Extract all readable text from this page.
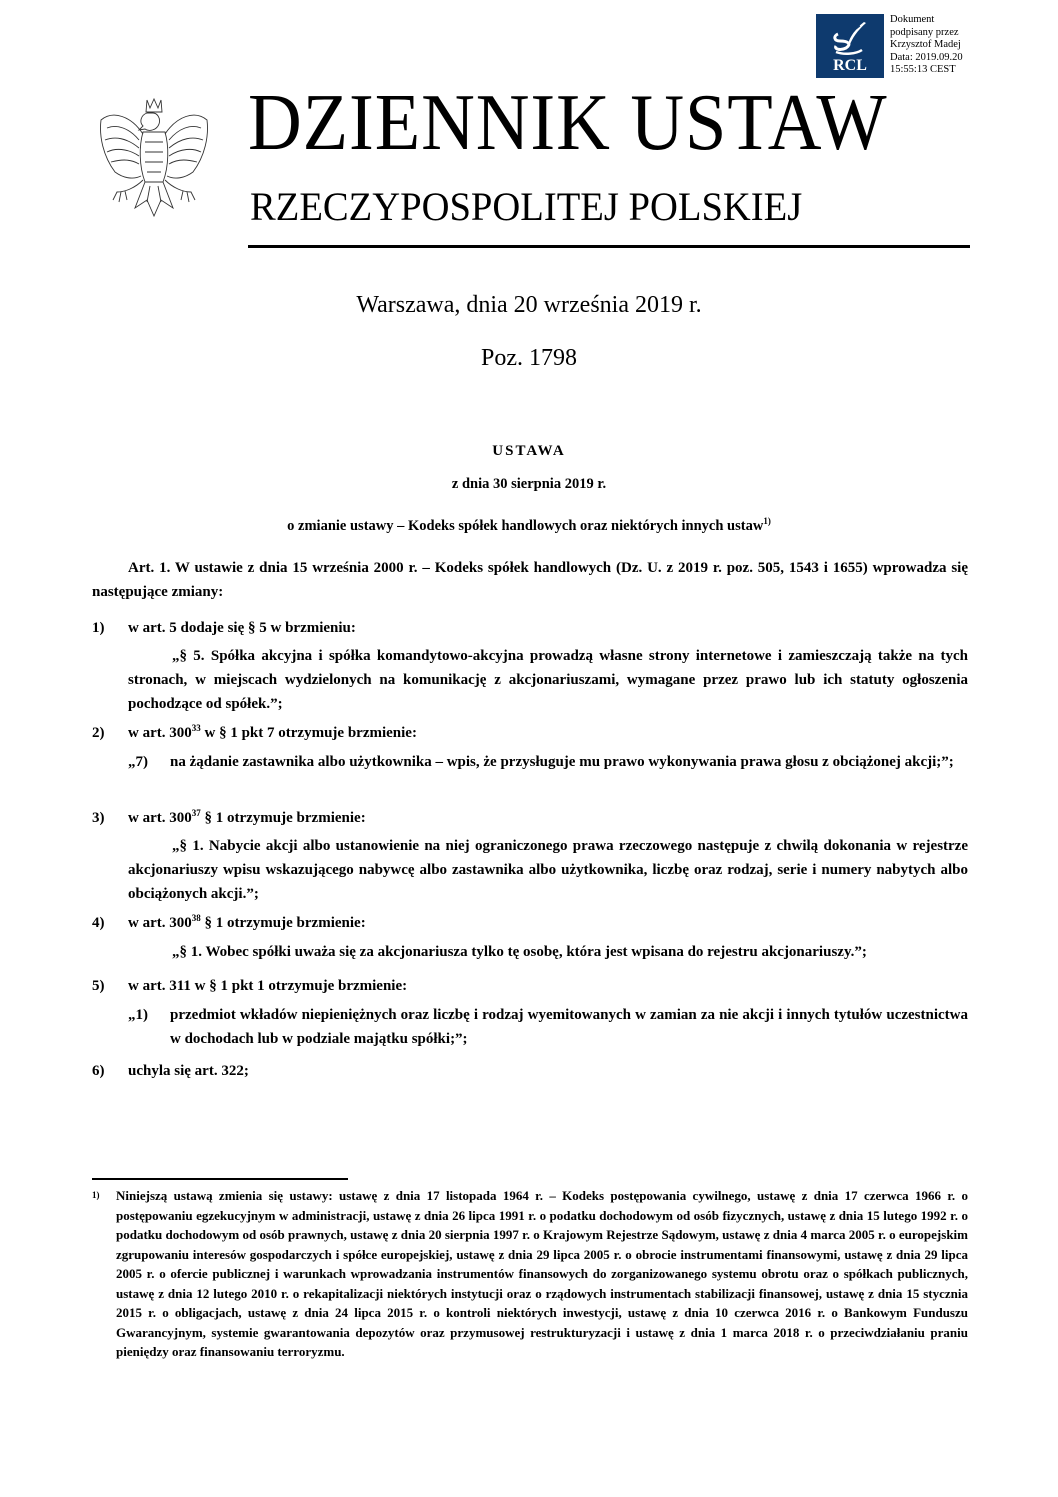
RCL
Dokument
podpisany przez
Krzysztof Madej
Data: 2019.09.20
15:55:13 CEST
DZIENNIK USTAW
RZECZYPOSPOLITEJ POLSKIEJ
Warszawa, dnia 20 września 2019 r.
Poz. 1798
USTAWA
z dnia 30 sierpnia 2019 r.
o zmianie ustawy – Kodeks spółek handlowych oraz niektórych innych ustaw$^{1)}$
Art. 1. W ustawie z dnia 15 września 2000 r. – Kodeks spółek handlowych (Dz. U. z 2019 r. poz. 505, 1543 i 1655) wprowadza się następujące zmiany:
1) w art. 5 dodaje się § 5 w brzmieniu:
„§ 5. Spółka akcyjna i spółka komandytowo-akcyjna prowadzą własne strony internetowe i zamieszczają także na tych stronach, w miejscach wydzielonych na komunikację z akcjonariuszami, wymagane przez prawo lub ich statuty ogłoszenia pochodzące od spółek.”;
2) w art. $300^{33}$ w § 1 pkt 7 otrzymuje brzmienie:
„7) na żądanie zastawnika albo użytkownika – wpis, że przysługuje mu prawo wykonywania prawa głosu z obciążonej akcji;”;
3) w art. $300^{37}$ § 1 otrzymuje brzmienie:
„§ 1. Nabycie akcji albo ustanowienie na niej ograniczonego prawa rzeczowego następuje z chwilą dokonania w rejestrze akcjonariuszy wpisu wskazującego nabywcę albo zastawnika albo użytkownika, liczbę oraz rodzaj, serie i numery nabytych albo obciążonych akcji.”;
4) w art. $300^{38}$ § 1 otrzymuje brzmienie:
„§ 1. Wobec spółki uważa się za akcjonariusza tylko tę osobę, która jest wpisana do rejestru akcjonariuszy.”;
5) w art. 311 w § 1 pkt 1 otrzymuje brzmienie:
„1) przedmiot wkładów niepieniężnych oraz liczbę i rodzaj wyemitowanych w zamian za nie akcji i innych tytułów uczestnictwa w dochodach lub w podziale majątku spółki;”;
6) uchyla się art. 322;
1) Niniejszą ustawą zmienia się ustawy: ustawę z dnia 17 listopada 1964 r. – Kodeks postępowania cywilnego, ustawę z dnia 17 czerwca 1966 r. o postępowaniu egzekucyjnym w administracji, ustawę z dnia 26 lipca 1991 r. o podatku dochodowym od osób fizycznych, ustawę z dnia 15 lutego 1992 r. o podatku dochodowym od osób prawnych, ustawę z dnia 20 sierpnia 1997 r. o Krajowym Rejestrze Sądowym, ustawę z dnia 4 marca 2005 r. o europejskim zgrupowaniu interesów gospodarczych i spółce europejskiej, ustawę z dnia 29 lipca 2005 r. o obrocie instrumentami finansowymi, ustawę z dnia 29 lipca 2005 r. o ofercie publicznej i warunkach wprowadzania instrumentów finansowych do zorganizowanego systemu obrotu oraz o spółkach publicznych, ustawę z dnia 12 lutego 2010 r. o rekapitalizacji niektórych instytucji oraz o rządowych instrumentach stabilizacji finansowej, ustawę z dnia 15 stycznia 2015 r. o obligacjach, ustawę z dnia 24 lipca 2015 r. o kontroli niektórych inwestycji, ustawę z dnia 10 czerwca 2016 r. o Bankowym Funduszu Gwarancyjnym, systemie gwarantowania depozytów oraz przymusowej restrukturyzacji i ustawę z dnia 1 marca 2018 r. o przeciwdziałaniu praniu pieniędzy oraz finansowaniu terroryzmu.
